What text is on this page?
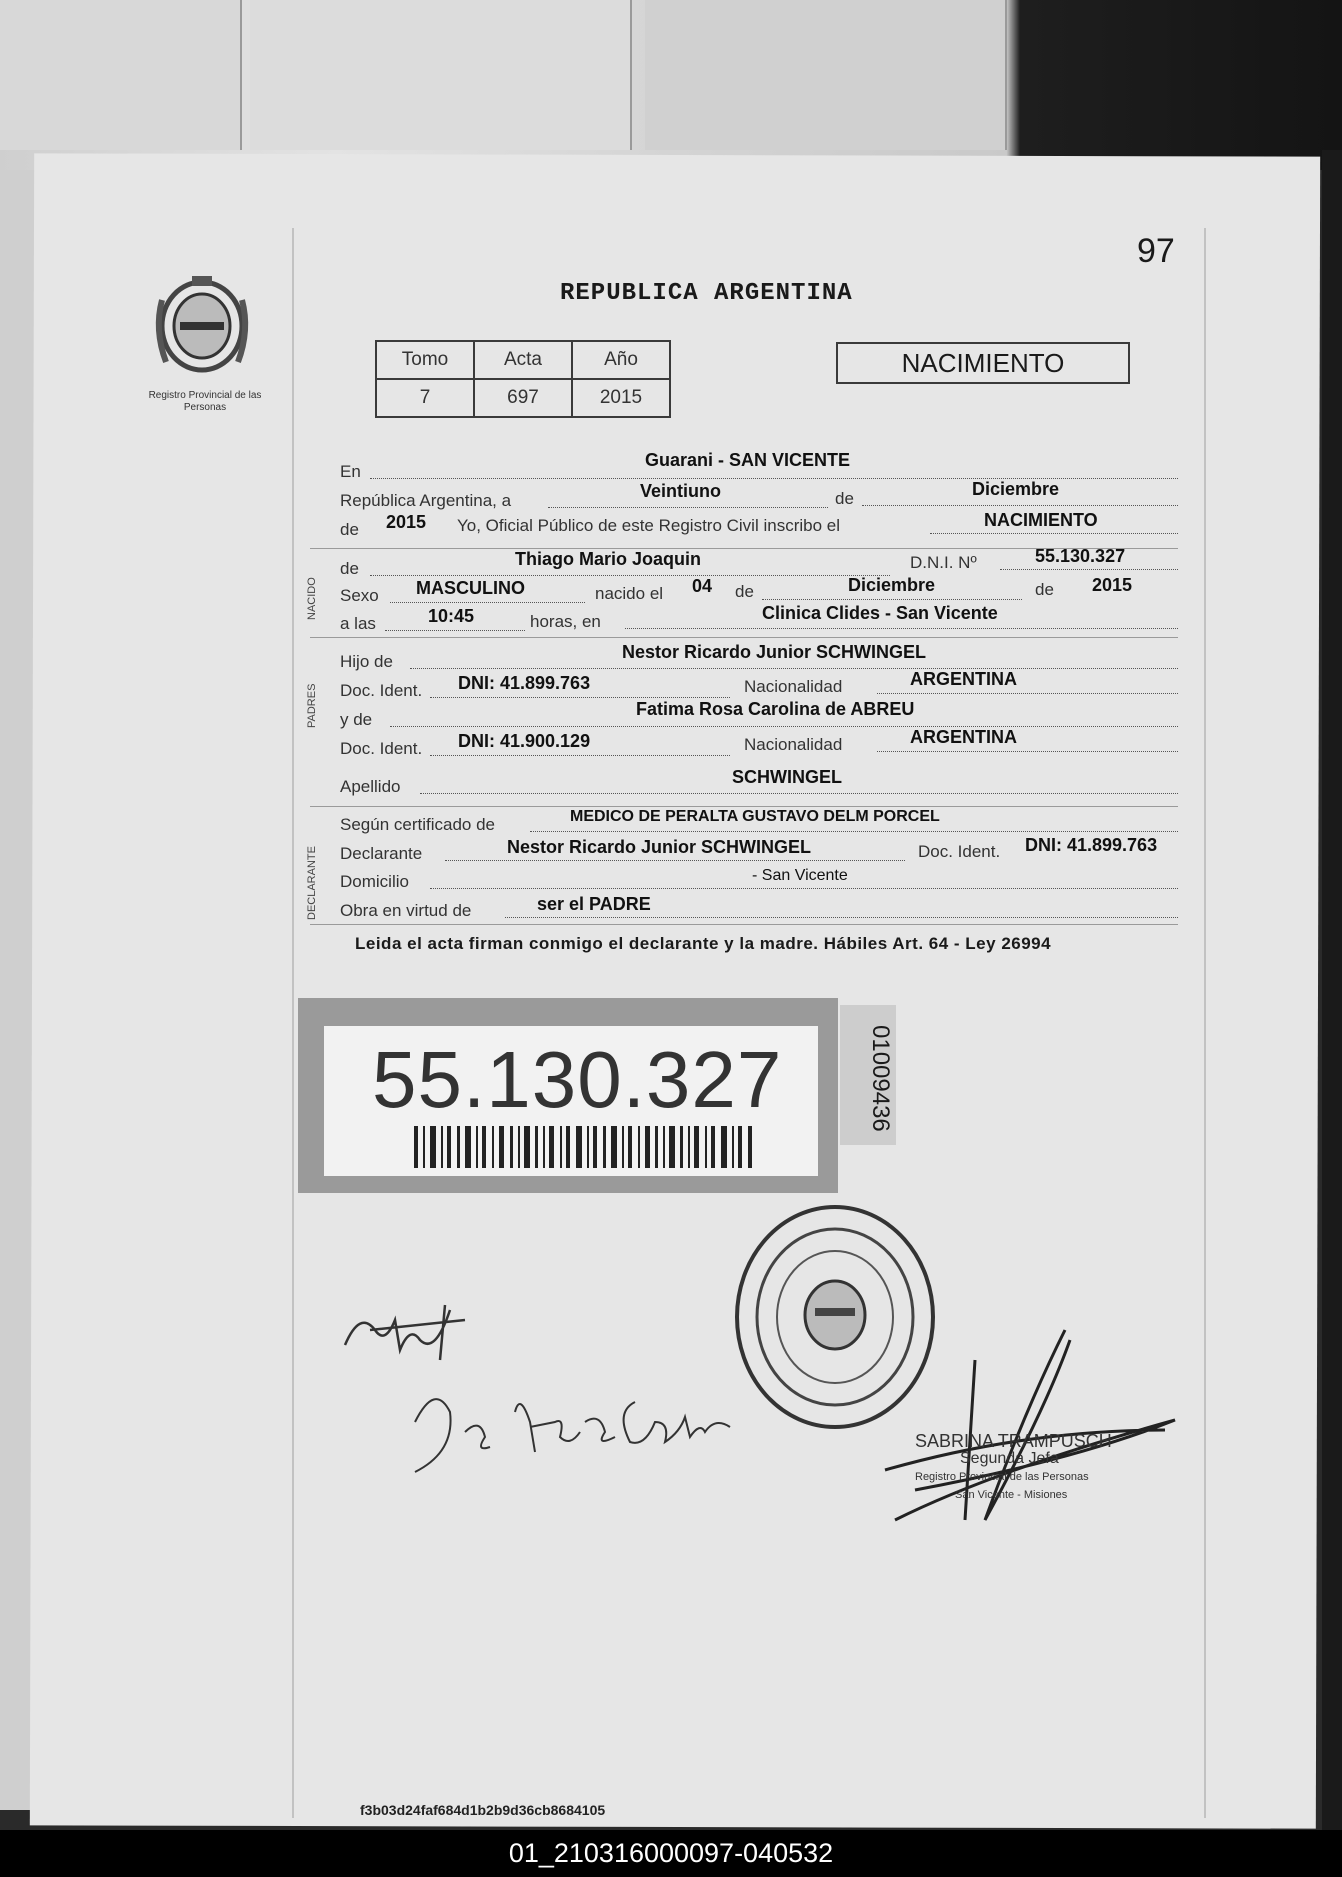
97
Registro Provincial de las Personas
REPUBLICA ARGENTINA
Tomo	Acta	Año
7	697	2015
NACIMIENTO
En
Guarani - SAN VICENTE
República Argentina, a	Veintiuno	de	Diciembre
de 2015 Yo, Oficial Público de este Registro Civil inscribo el	NACIMIENTO
NACIDO
de	Thiago Mario Joaquin	D.N.I. Nº	55.130.327
Sexo MASCULINO	nacido el 04 de	Diciembre	de 2015
a las	10:45	horas, en	Clinica Clides - San Vicente
PADRES
Hijo de	Nestor Ricardo Junior SCHWINGEL
Doc. Ident. DNI: 41.899.763	Nacionalidad	ARGENTINA
y de
Fatima Rosa Carolina de ABREU
Doc. Ident. DNI: 41.900.129	Nacionalidad	ARGENTINA
Apellido	SCHWINGEL
DECLARANTE
Según certificado de	MEDICO DE PERALTA GUSTAVO DELM PORCEL
Declarante	Nestor Ricardo Junior SCHWINGEL	Doc. Ident. DNI: 41.899.763
Domicilio	- San Vicente
Obra en virtud de	ser el PADRE
Leida el acta firman conmigo el declarante y la madre. Hábiles Art. 64 - Ley 26994
55.130.327	01009436
SABRINA TRAMPUSCH
Segunda Jefa
Registro Provincial de las Personas
San Vicente - Misiones
f3b03d24faf684d1b2b9d36cb8684105
01_210316000097-040532
